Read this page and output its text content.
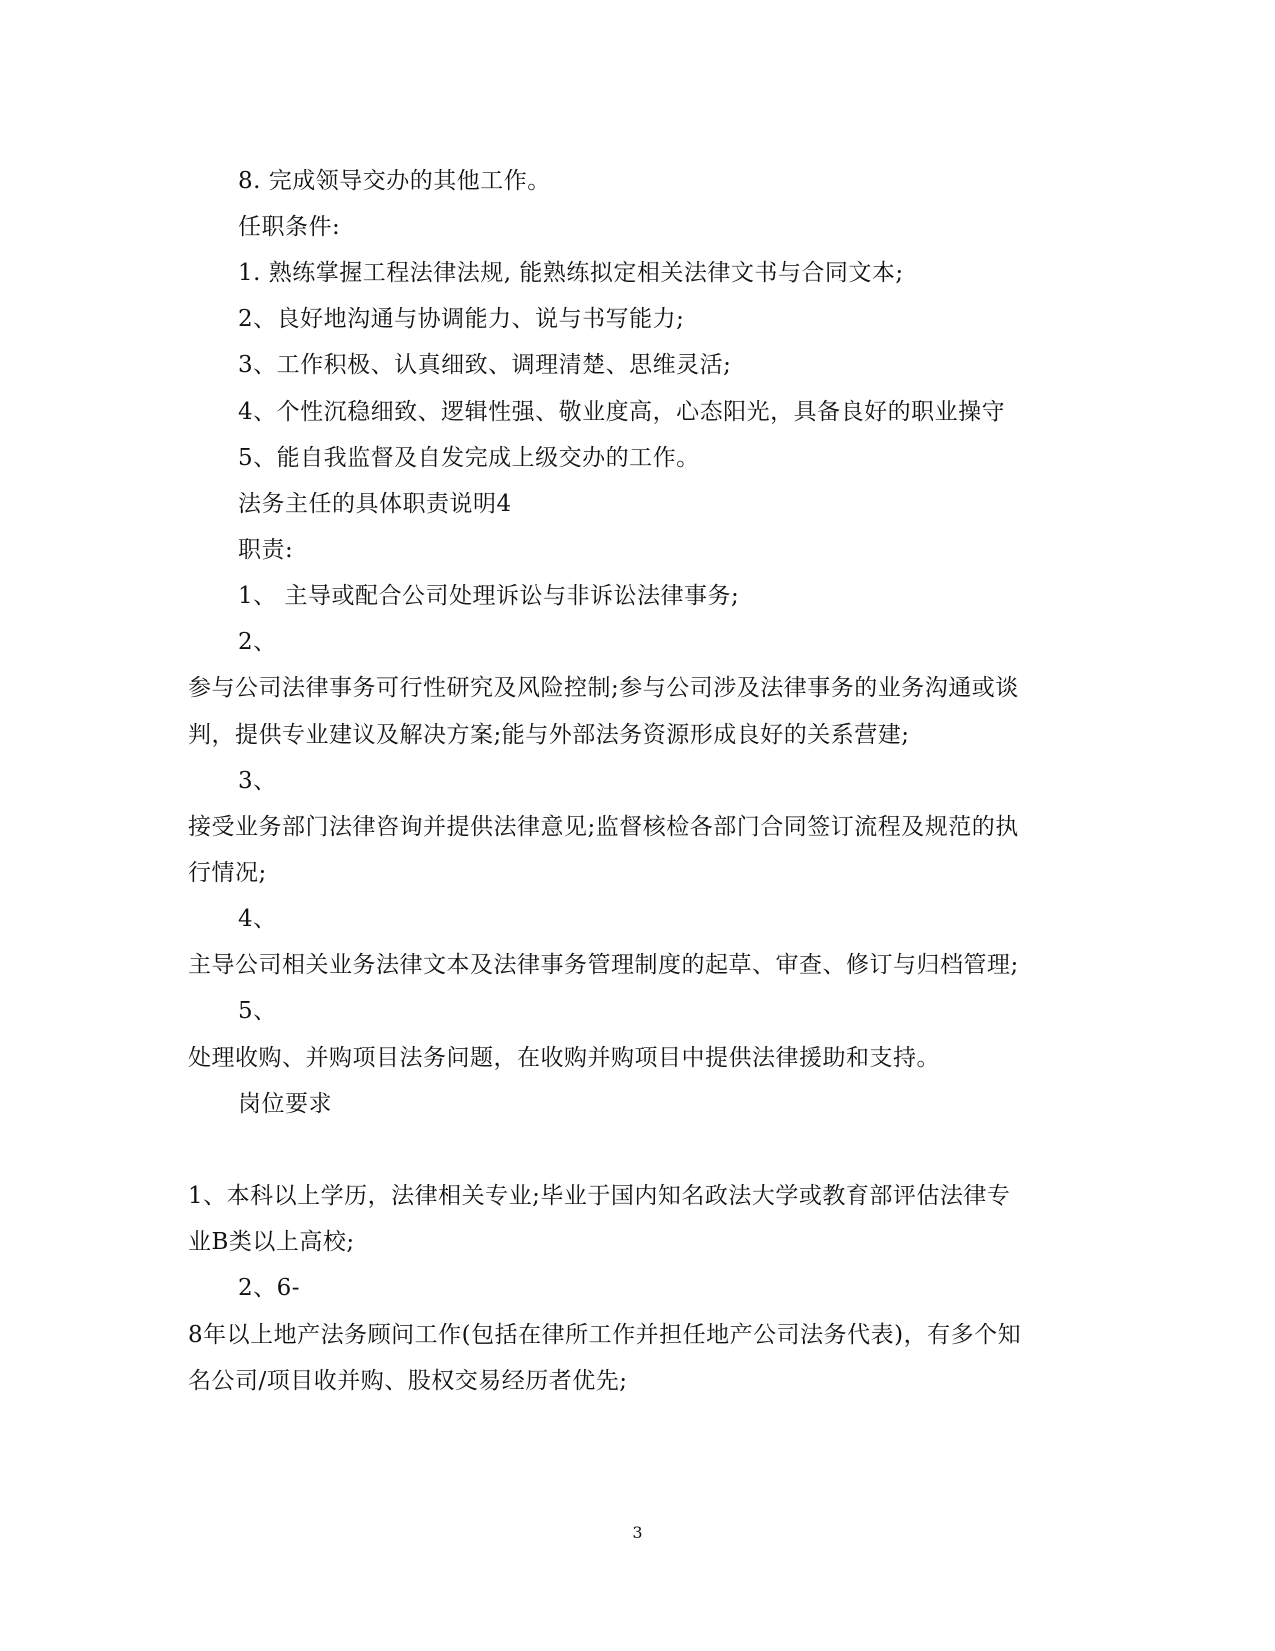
8. 完成领导交办的其他工作。
任职条件:
1. 熟练掌握工程法律法规, 能熟练拟定相关法律文书与合同文本;
2、良好地沟通与协调能力、说与书写能力;
3、工作积极、认真细致、调理清楚、思维灵活;
4、个性沉稳细致、逻辑性强、敬业度高，心态阳光，具备良好的职业操守
5、能自我监督及自发完成上级交办的工作。
法务主任的具体职责说明4
职责:
1、 主导或配合公司处理诉讼与非诉讼法律事务;
2、
参与公司法律事务可行性研究及风险控制;参与公司涉及法律事务的业务沟通或谈
判，提供专业建议及解决方案;能与外部法务资源形成良好的关系营建;
3、
接受业务部门法律咨询并提供法律意见;监督核检各部门合同签订流程及规范的执
行情况;
4、
主导公司相关业务法律文本及法律事务管理制度的起草、审查、修订与归档管理;
5、
处理收购、并购项目法务问题，在收购并购项目中提供法律援助和支持。
岗位要求
1、本科以上学历，法律相关专业;毕业于国内知名政法大学或教育部评估法律专
业B类以上高校;
2、6-
8年以上地产法务顾问工作(包括在律所工作并担任地产公司法务代表)，有多个知
名公司/项目收并购、股权交易经历者优先;
3
